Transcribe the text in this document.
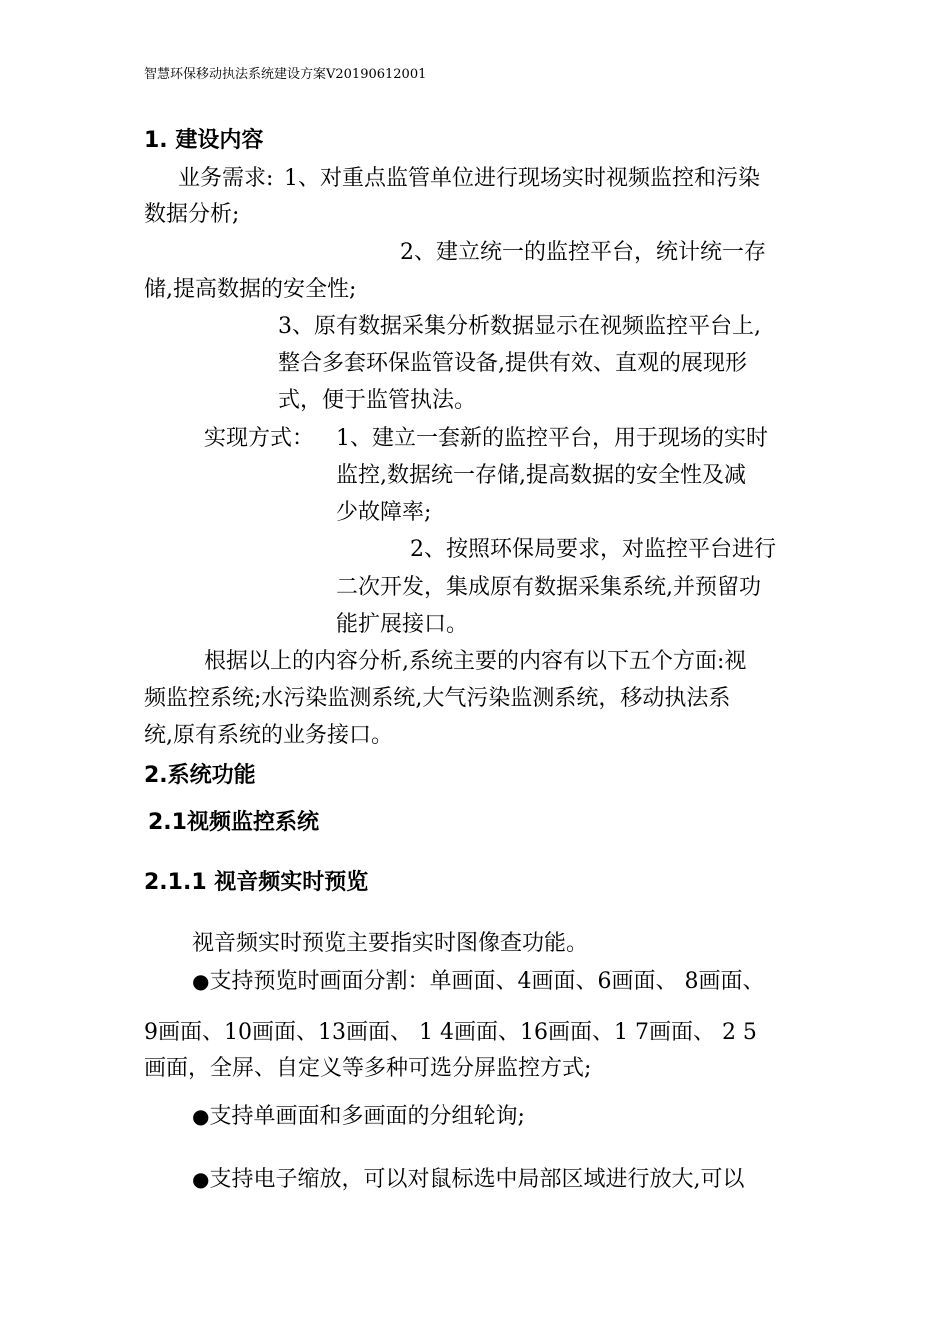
智慧环保移动执法系统建设方案V20190612001
1. 建设内容
业务需求: 1、对重点监管单位进行现场实时视频监控和污染
数据分析;
2、建立统一的监控平台，统计统一存
储,提高数据的安全性;
3、原有数据采集分析数据显示在视频监控平台上,
整合多套环保监管设备,提供有效、直观的展现形
式，便于监管执法。
实现方式： 1、建立一套新的监控平台，用于现场的实时
监控,数据统一存储,提高数据的安全性及减
少故障率;
2、按照环保局要求，对监控平台进行
二次开发，集成原有数据采集系统,并预留功
能扩展接口。
根据以上的内容分析,系统主要的内容有以下五个方面:视
频监控系统;水污染监测系统,大气污染监测系统，移动执法系
统,原有系统的业务接口。
2.系统功能
2.1视频监控系统
2.1.1 视音频实时预览
视音频实时预览主要指实时图像查功能。
●支持预览时画面分割：单画面、4画面、6画面、 8画面、
9画面、10画面、13画面、 1 4画面、16画面、1 7画面、 2 5
画面，全屏、自定义等多种可选分屏监控方式;
●支持单画面和多画面的分组轮询;
●支持电子缩放，可以对鼠标选中局部区域进行放大,可以
